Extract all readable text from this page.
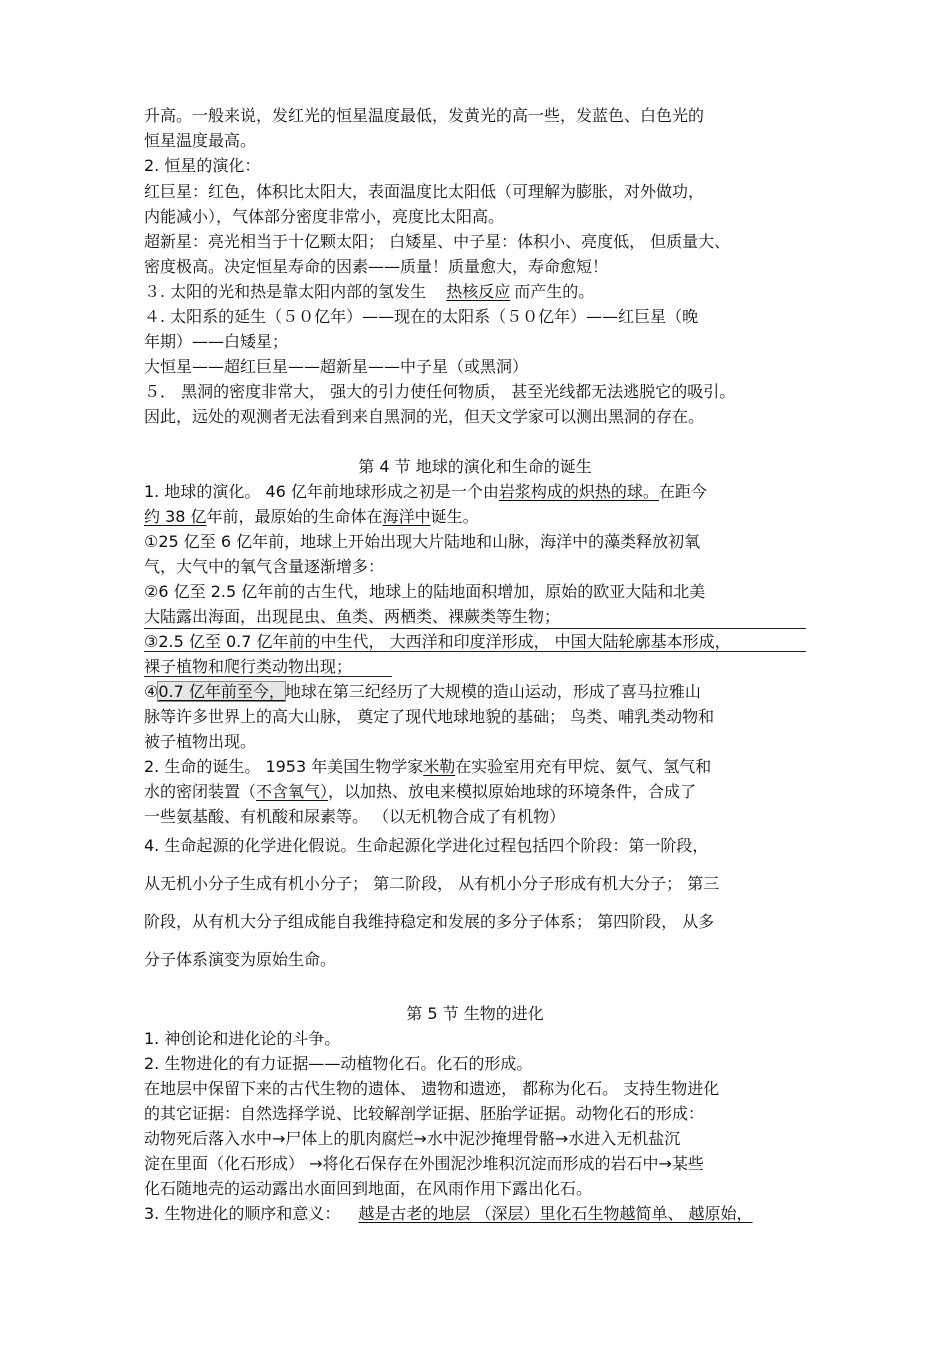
升高。一般来说，发红光的恒星温度最低，发黄光的高一些，发蓝色、白色光的
恒星温度最高。
2. 恒星的演化：
红巨星：红色，体积比太阳大，表面温度比太阳低（可理解为膨胀，对外做功，
内能减小），气体部分密度非常小，亮度比太阳高。
超新星：亮光相当于十亿颗太阳； 白矮星、中子星：体积小、亮度低， 但质量大、
密度极高。决定恒星寿命的因素——质量！质量愈大，寿命愈短！
３. 太阳的光和热是靠太阳内部的氢发生 热核反应 而产生的。
４. 太阳系的延生（５０亿年）——现在的太阳系（５０亿年）——红巨星（晚
年期）——白矮星；
大恒星——超红巨星——超新星——中子星（或黑洞）
５． 黑洞的密度非常大， 强大的引力使任何物质， 甚至光线都无法逃脱它的吸引。
因此，远处的观测者无法看到来自黑洞的光，但天文学家可以测出黑洞的存在。
第 4 节 地球的演化和生命的诞生
1. 地球的演化。 46 亿年前地球形成之初是一个由岩浆构成的炽热的球。在距今
约 38 亿年前，最原始的生命体在海洋中诞生。
①25 亿至 6 亿年前，地球上开始出现大片陆地和山脉，海洋中的藻类释放初氧
气，大气中的氧气含量逐渐增多：
②6 亿至 2.5 亿年前的古生代，地球上的陆地面积增加，原始的欧亚大陆和北美
大陆露出海面，出现昆虫、鱼类、两栖类、裸蕨类等生物；
③2.5 亿至 0.7 亿年前的中生代， 大西洋和印度洋形成， 中国大陆轮廓基本形成，
裸子植物和爬行类动物出现；
④0.7 亿年前至今，地球在第三纪经历了大规模的造山运动，形成了喜马拉雅山
脉等许多世界上的高大山脉， 奠定了现代地球地貌的基础； 鸟类、哺乳类动物和
被子植物出现。
2. 生命的诞生。 1953 年美国生物学家米勒在实验室用充有甲烷、氨气、氢气和
水的密闭装置（不含氧气），以加热、放电来模拟原始地球的环境条件，合成了
一些氨基酸、有机酸和尿素等。 （以无机物合成了有机物）
4. 生命起源的化学进化假说。生命起源化学进化过程包括四个阶段：第一阶段，
从无机小分子生成有机小分子； 第二阶段， 从有机小分子形成有机大分子； 第三
阶段，从有机大分子组成能自我维持稳定和发展的多分子体系； 第四阶段， 从多
分子体系演变为原始生命。
第 5 节 生物的进化
1. 神创论和进化论的斗争。
2. 生物进化的有力证据——动植物化石。化石的形成。
在地层中保留下来的古代生物的遗体、 遗物和遗迹， 都称为化石。 支持生物进化
的其它证据：自然选择学说、比较解剖学证据、胚胎学证据。动物化石的形成：
动物死后落入水中→尸体上的肌肉腐烂→水中泥沙掩埋骨骼→水进入无机盐沉
淀在里面（化石形成） →将化石保存在外围泥沙堆积沉淀而形成的岩石中→某些
化石随地壳的运动露出水面回到地面，在风雨作用下露出化石。
3. 生物进化的顺序和意义： 越是古老的地层 （深层）里化石生物越简单、 越原始，
